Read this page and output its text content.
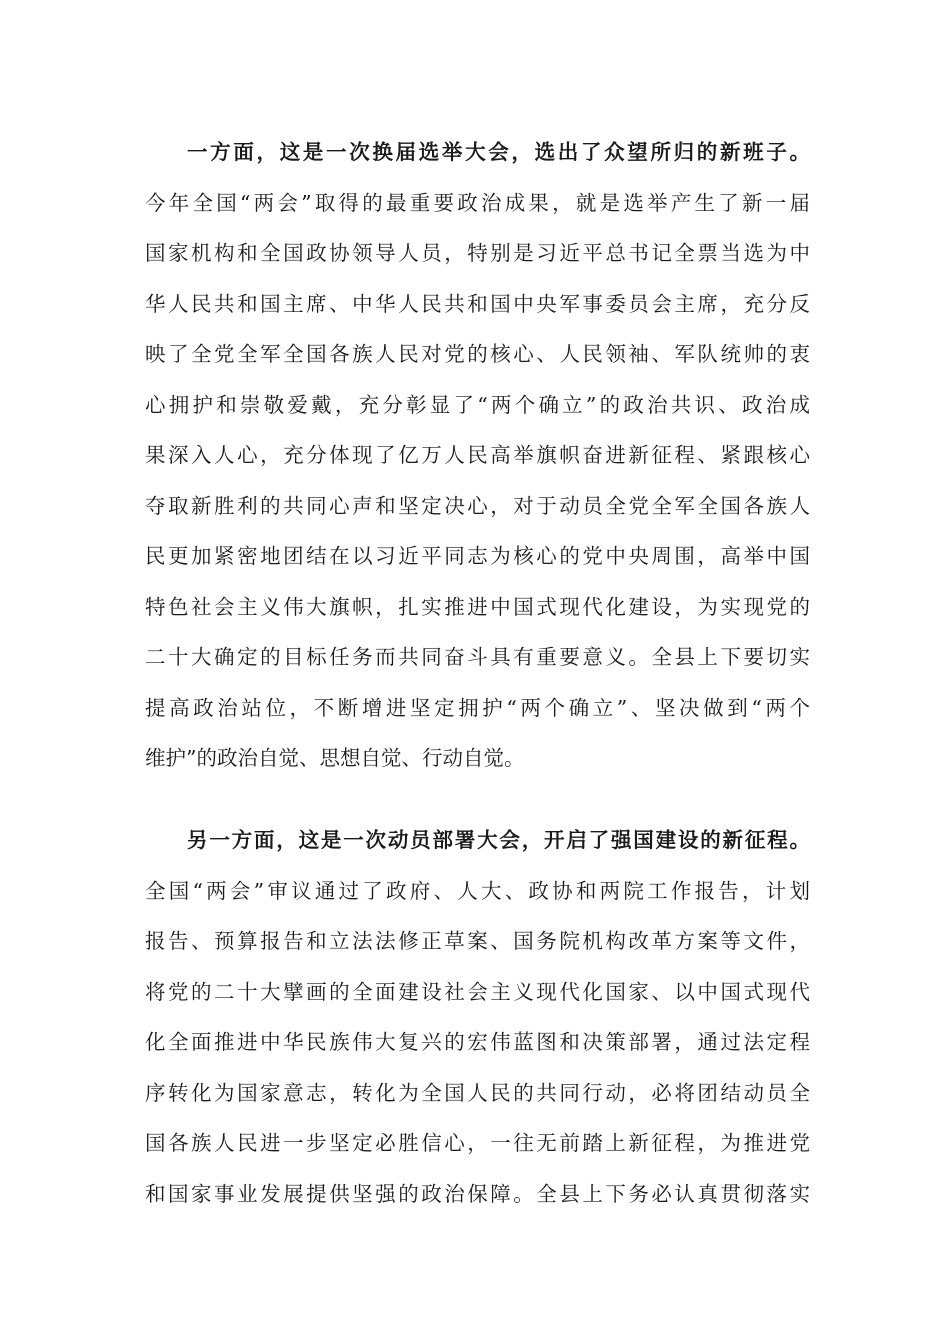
一方面，这是一次换届选举大会，选出了众望所归的新班子。
今年全国“两会”取得的最重要政治成果，就是选举产生了新一届
国家机构和全国政协领导人员，特别是习近平总书记全票当选为中
华人民共和国主席、中华人民共和国中央军事委员会主席，充分反
映了全党全军全国各族人民对党的核心、人民领袖、军队统帅的衷
心拥护和崇敬爱戴，充分彰显了“两个确立”的政治共识、政治成
果深入人心，充分体现了亿万人民高举旗帜奋进新征程、紧跟核心
夺取新胜利的共同心声和坚定决心，对于动员全党全军全国各族人
民更加紧密地团结在以习近平同志为核心的党中央周围，高举中国
特色社会主义伟大旗帜，扎实推进中国式现代化建设，为实现党的
二十大确定的目标任务而共同奋斗具有重要意义。全县上下要切实
提高政治站位，不断增进坚定拥护“两个确立”、坚决做到“两个
维护”的政治自觉、思想自觉、行动自觉。
另一方面，这是一次动员部署大会，开启了强国建设的新征程。
全国“两会”审议通过了政府、人大、政协和两院工作报告，计划
报告、预算报告和立法法修正草案、国务院机构改革方案等文件，
将党的二十大擘画的全面建设社会主义现代化国家、以中国式现代
化全面推进中华民族伟大复兴的宏伟蓝图和决策部署，通过法定程
序转化为国家意志，转化为全国人民的共同行动，必将团结动员全
国各族人民进一步坚定必胜信心，一往无前踏上新征程，为推进党
和国家事业发展提供坚强的政治保障。全县上下务必认真贯彻落实
